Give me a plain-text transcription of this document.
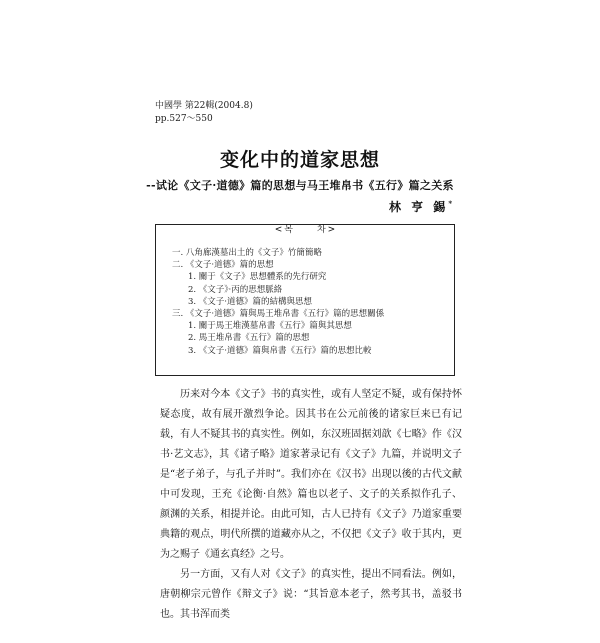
中國學 第22輯(2004.8)
pp.527～550
变化中的道家思想
--试论《文子·道德》篇的思想与马王堆帛书《五行》篇之关系
林 亨 錫*
<목　　차>
一. 八角廊漢墓出土的《文子》竹簡簡略
二. 《文子·道德》篇的思想
1. 關于《文子》思想體系的先行研究
2. 《文子》·丙的思想脈絡
3. 《文子·道德》篇的結構與思想
三. 《文子·道德》篇與馬王堆帛書《五行》篇的思想關係
1. 關于馬王堆漢墓帛書《五行》篇與其思想
2. 馬王堆帛書《五行》篇的思想
3. 《文子·道德》篇與帛書《五行》篇的思想比較

历来对今本《文子》书的真实性，或有人坚定不疑，或有保持怀疑态度，故有展开激烈争论。因其书在公元前後的诸家巨来已有记载，有人不疑其书的真实性。例如，东汉班固据刘歆《七略》作《汉书·艺文志》，其《诸子略》道家著录记有《文子》九篇，并说明文子是“老子弟子，与孔子并时”。我们亦在《汉书》出现以後的古代文献中可发现，王充《论衡·自然》篇也以老子、文子的关系拟作孔子、颜渊的关系，相提并论。由此可知，古人已持有《文子》乃道家重要典籍的观点，明代所撰的道藏亦从之，不仅把《文子》收于其内，更为之赐子《通玄真经》之号。

另一方面，又有人对《文子》的真实性，提出不同看法。例如，唐朝柳宗元曾作《辩文子》说：“其旨意本老子，然考其书，盖驳书也。其书浑而类
